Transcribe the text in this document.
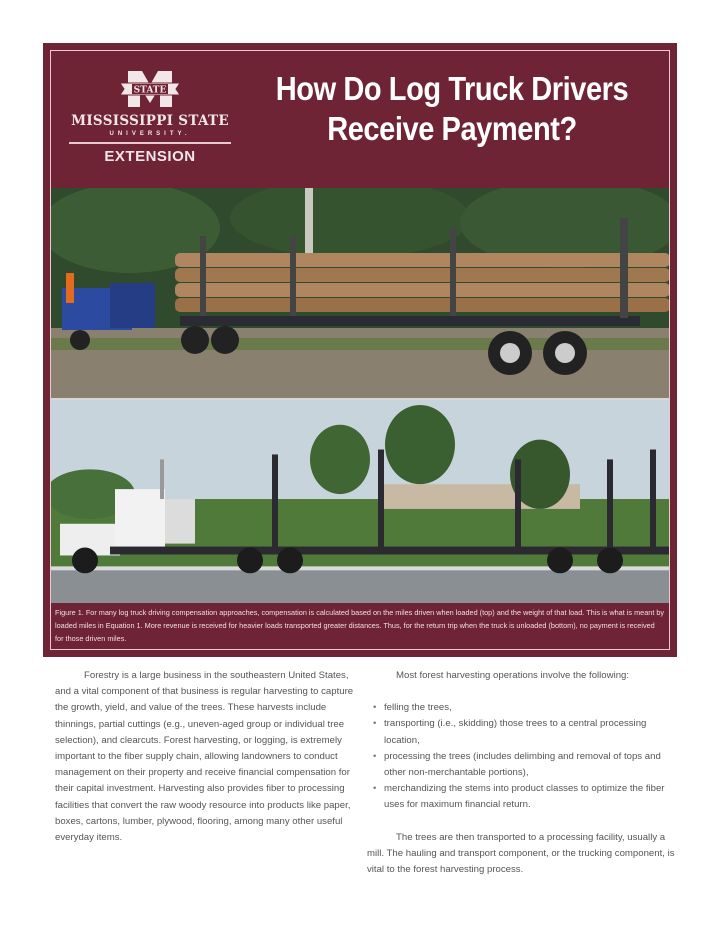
STATE
MISSISSIPPI STATE
UNIVERSITY.
EXTENSION
How Do Log Truck Drivers
Receive Payment?
Figure 1. For many log truck driving compensation approaches, compensation is calculated based on the miles driven when loaded (top) and the weight of that load. This is what is meant by loaded miles in Equation 1. More revenue is received for heavier loads transported greater distances. Thus, for the return trip when the truck is unloaded (bottom), no payment is received for those driven miles.

Forestry is a large business in the southeastern United States, and a vital component of that business is regular harvesting to capture the growth, yield, and value of the trees. These harvests include thinnings, partial cuttings (e.g., uneven-aged group or individual tree selection), and clearcuts. Forest harvesting, or logging, is extremely important to the fiber supply chain, allowing landowners to conduct management on their property and receive financial compensation for their capital investment. Harvesting also provides fiber to processing facilities that convert the raw woody resource into products like paper, boxes, cartons, lumber, plywood, flooring, among many other useful everyday items.

Most forest harvesting operations involve the following:

• felling the trees,
• transporting (i.e., skidding) those trees to a central processing location,
• processing the trees (includes delimbing and removal of tops and other non-merchantable portions),
• merchandizing the stems into product classes to optimize the fiber uses for maximum financial return.

The trees are then transported to a processing facility, usually a mill. The hauling and transport component, or the trucking component, is vital to the forest harvesting process.
